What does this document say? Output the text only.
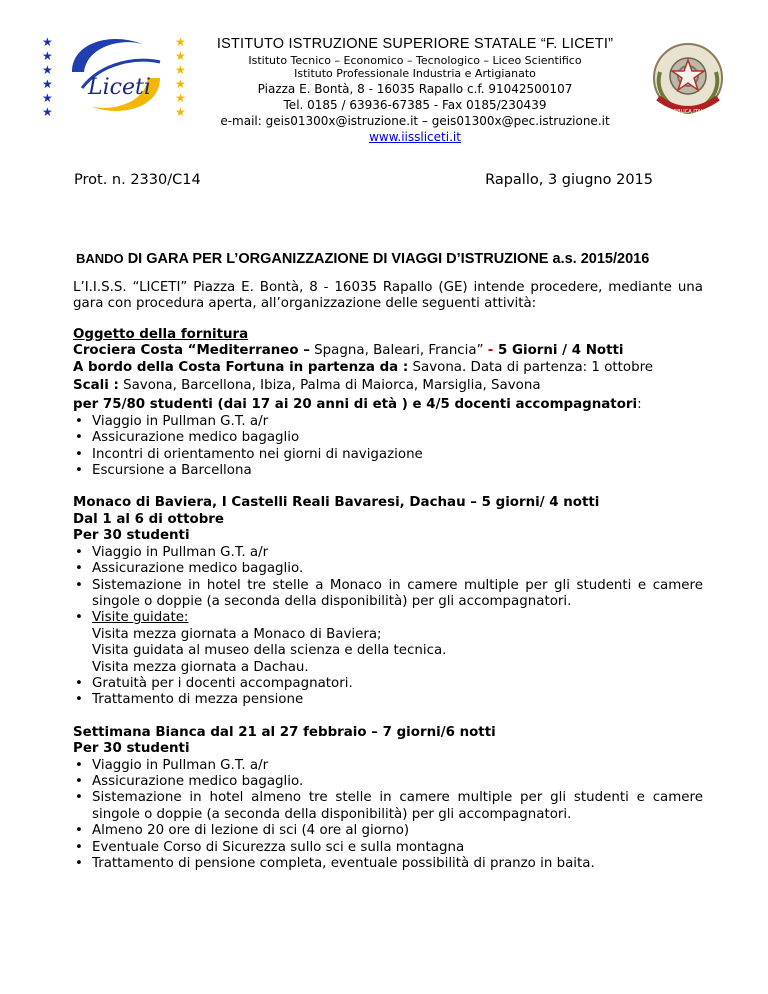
★
★
★
★
★
★
★
★
★
★
★
★
Liceti
REPUBBLICA ITALIANA
ISTITUTO ISTRUZIONE SUPERIORE STATALE “F. LICETI”
Istituto Tecnico – Economico – Tecnologico – Liceo Scientifico
Istituto Professionale Industria e Artigianato
Piazza E. Bontà, 8 - 16035 Rapallo c.f. 91042500107
Tel. 0185 / 63936-67385 - Fax 0185/230439
e-mail: geis01300x@istruzione.it – geis01300x@pec.istruzione.it
www.iissliceti.it
Prot. n. 2330/C14	Rapallo, 3 giugno 2015
BANDO DI GARA PER L’ORGANIZZAZIONE DI VIAGGI D’ISTRUZIONE a.s. 2015/2016

L’I.I.S.S. “LICETI” Piazza E. Bontà, 8 - 16035 Rapallo (GE) intende procedere, mediante una gara con procedura aperta, all’organizzazione delle seguenti attività:

Oggetto della fornitura

Crociera Costa “Mediterraneo – Spagna, Baleari, Francia” - 5 Giorni / 4 Notti

A bordo della Costa Fortuna in partenza da : Savona. Data di partenza: 1 ottobre

Scali : Savona, Barcellona, Ibiza, Palma di Maiorca, Marsiglia, Savona

per 75/80 studenti (dai 17 ai 20 anni di età ) e 4/5 docenti accompagnatori:

• Viaggio in Pullman G.T. a/r
• Assicurazione medico bagaglio
• Incontri di orientamento nei giorni di navigazione
• Escursione a Barcellona

Monaco di Baviera, I Castelli Reali Bavaresi, Dachau – 5 giorni/ 4 notti

Dal 1 al 6 di ottobre

Per 30 studenti

• Viaggio in Pullman G.T. a/r
• Assicurazione medico bagaglio.
• Sistemazione in hotel tre stelle a Monaco in camere multiple per gli studenti e camere singole o doppie (a seconda della disponibilità) per gli accompagnatori.
• Visite guidate:
Visita mezza giornata a Monaco di Baviera;
Visita guidata al museo della scienza e della tecnica.
Visita mezza giornata a Dachau.
• Gratuità per i docenti accompagnatori.
• Trattamento di mezza pensione

Settimana Bianca dal 21 al 27 febbraio – 7 giorni/6 notti

Per 30 studenti

• Viaggio in Pullman G.T. a/r
• Assicurazione medico bagaglio.
• Sistemazione in hotel almeno tre stelle in camere multiple per gli studenti e camere singole o doppie (a seconda della disponibilità) per gli accompagnatori.
• Almeno 20 ore di lezione di sci (4 ore al giorno)
• Eventuale Corso di Sicurezza sullo sci e sulla montagna
• Trattamento di pensione completa, eventuale possibilità di pranzo in baita.
